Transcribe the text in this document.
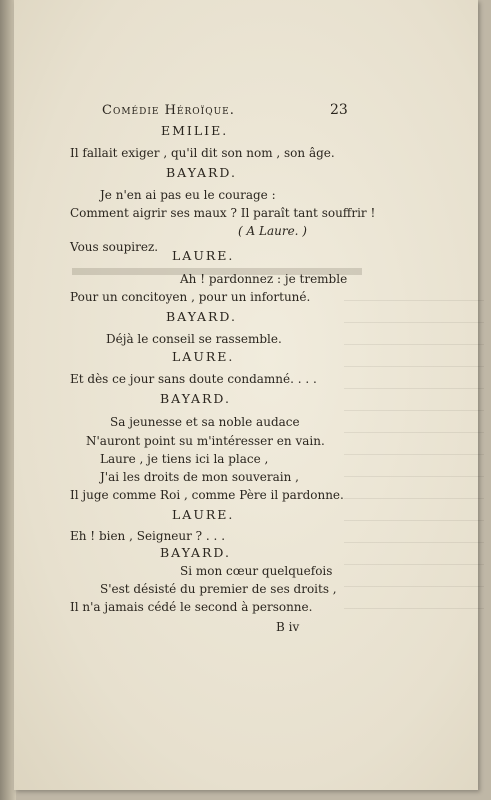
Comédie Héroïque.	23
EMILIE.
Il fallait exiger , qu'il dit son nom , son âge.
BAYARD.
Je n'en ai pas eu le courage :
Comment aigrir ses maux ? Il paraît tant souffrir !
( A Laure. )
Vous soupirez.
LAURE.
Ah ! pardonnez : je tremble
Pour un concitoyen , pour un infortuné.
BAYARD.
Déjà le conseil se rassemble.
LAURE.
Et dès ce jour sans doute condamné. . . .
BAYARD.
Sa jeunesse et sa noble audace
N'auront point su m'intéresser en vain.
Laure , je tiens ici la place ,
J'ai les droits de mon souverain ,
Il juge comme Roi , comme Père il pardonne.
LAURE.
Eh ! bien , Seigneur ? . . .
BAYARD.
Si mon cœur quelquefois
S'est désisté du premier de ses droits ,
Il n'a jamais cédé le second à personne.
B iv
